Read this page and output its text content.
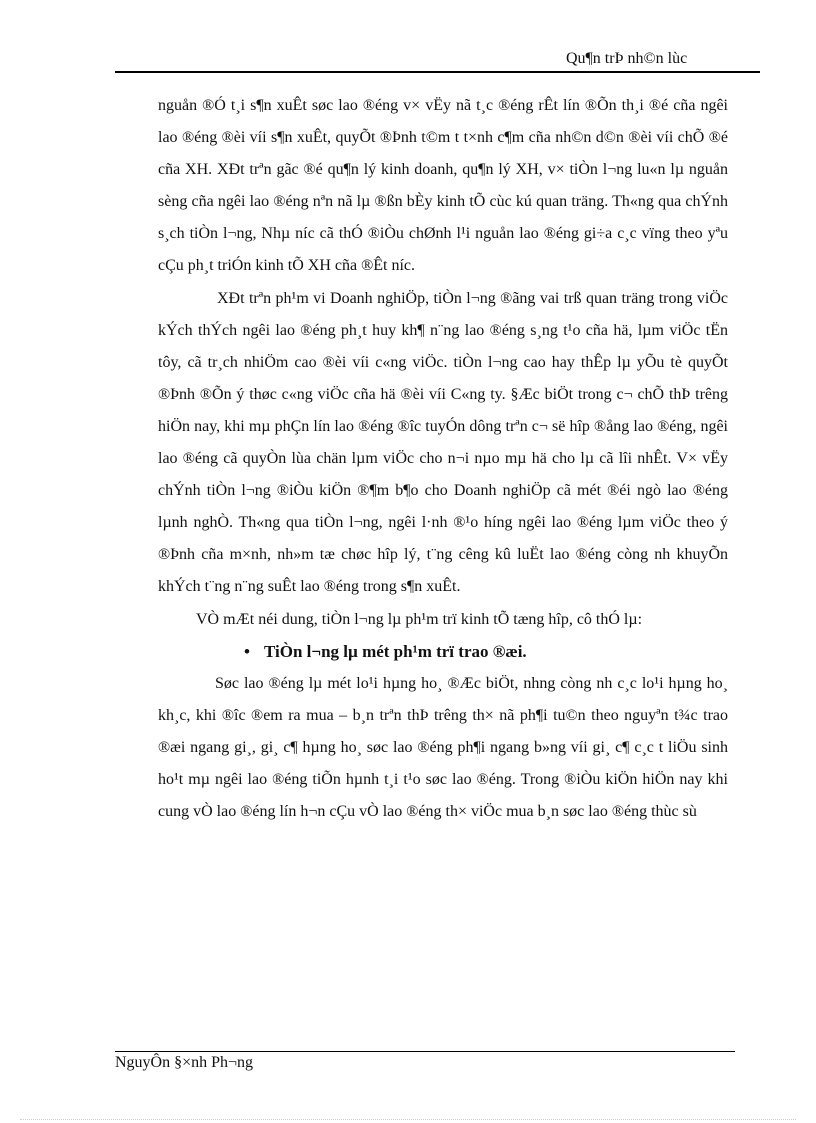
Qu¶n trÞ nh©n lùc

nguån ®Ó t¸i s¶n xuÊt søc lao ®éng v× vËy nã t¸c ®éng rÊt lín ®Õn th¸i ®é cña ngêi lao ®éng ®èi víi s¶n xuÊt, quyÕt ®Þnh t©m t t×nh c¶m cña nh©n d©n ®èi víi chÕ ®é cña XH. XÐt trªn gãc ®é qu¶n lý kinh doanh, qu¶n lý XH, v× tiÒn l¬ng lu«n lµ nguån sèng cña ngêi lao ®éng nªn nã lµ ®ßn bÈy kinh tÕ cùc kú quan träng. Th«ng qua chÝnh s¸ch tiÒn l¬ng, Nhµ níc cã thÓ ®iÒu chØnh l¹i nguån lao ®éng gi÷a c¸c vïng theo yªu cÇu ph¸t triÓn kinh tÕ XH cña ®Êt níc.

XÐt trªn ph¹m vi Doanh nghiÖp, tiÒn l¬ng ®ãng vai trß quan träng trong viÖc kÝch thÝch ngêi lao ®éng ph¸t huy kh¶ n¨ng lao ®éng s¸ng t¹o cña hä, lµm viÖc tËn tôy, cã tr¸ch nhiÖm cao ®èi víi c«ng viÖc. tiÒn l¬ng cao hay thÊp lµ yÕu tè quyÕt ®Þnh ®Õn ý thøc c«ng viÖc cña hä ®èi víi C«ng ty. §Æc biÖt trong c¬ chÕ thÞ trêng hiÖn nay, khi mµ phÇn lín lao ®éng ®îc tuyÓn dông trªn c¬ së hîp ®ång lao ®éng, ngêi lao ®éng cã quyÒn lùa chän lµm viÖc cho n¬i nµo mµ hä cho lµ cã lîi nhÊt. V× vËy chÝnh tiÒn l¬ng ®iÒu kiÖn ®¶m b¶o cho Doanh nghiÖp cã mét ®éi ngò lao ®éng lµnh nghÒ. Th«ng qua tiÒn l¬ng, ngêi l·nh ®¹o híng ngêi lao ®éng lµm viÖc theo ý ®Þnh cña m×nh, nh»m tæ chøc hîp lý, t¨ng cêng kû luËt lao ®éng còng nh khuyÕn khÝch t¨ng n¨ng suÊt lao ®éng trong s¶n xuÊt.

VÒ mÆt néi dung, tiÒn l¬ng lµ ph¹m trï kinh tÕ tæng hîp, cô thÓ lµ:

• TiÒn l¬ng lµ mét ph¹m trï trao ®æi.

Søc lao ®éng lµ mét lo¹i hµng ho¸ ®Æc biÖt, nhng còng nh c¸c lo¹i hµng ho¸ kh¸c, khi ®îc ®em ra mua – b¸n trªn thÞ trêng th× nã ph¶i tu©n theo nguyªn t¾c trao ®æi ngang gi¸, gi¸ c¶ hµng ho¸ søc lao ®éng ph¶i ngang b»ng víi gi¸ c¶ c¸c t liÖu sinh ho¹t mµ ngêi lao ®éng tiÕn hµnh t¸i t¹o søc lao ®éng. Trong ®iÒu kiÖn hiÖn nay khi cung vÒ lao ®éng lín h¬n cÇu vÒ lao ®éng th× viÖc mua b¸n søc lao ®éng thùc sù

NguyÔn §×nh Ph¬ng
